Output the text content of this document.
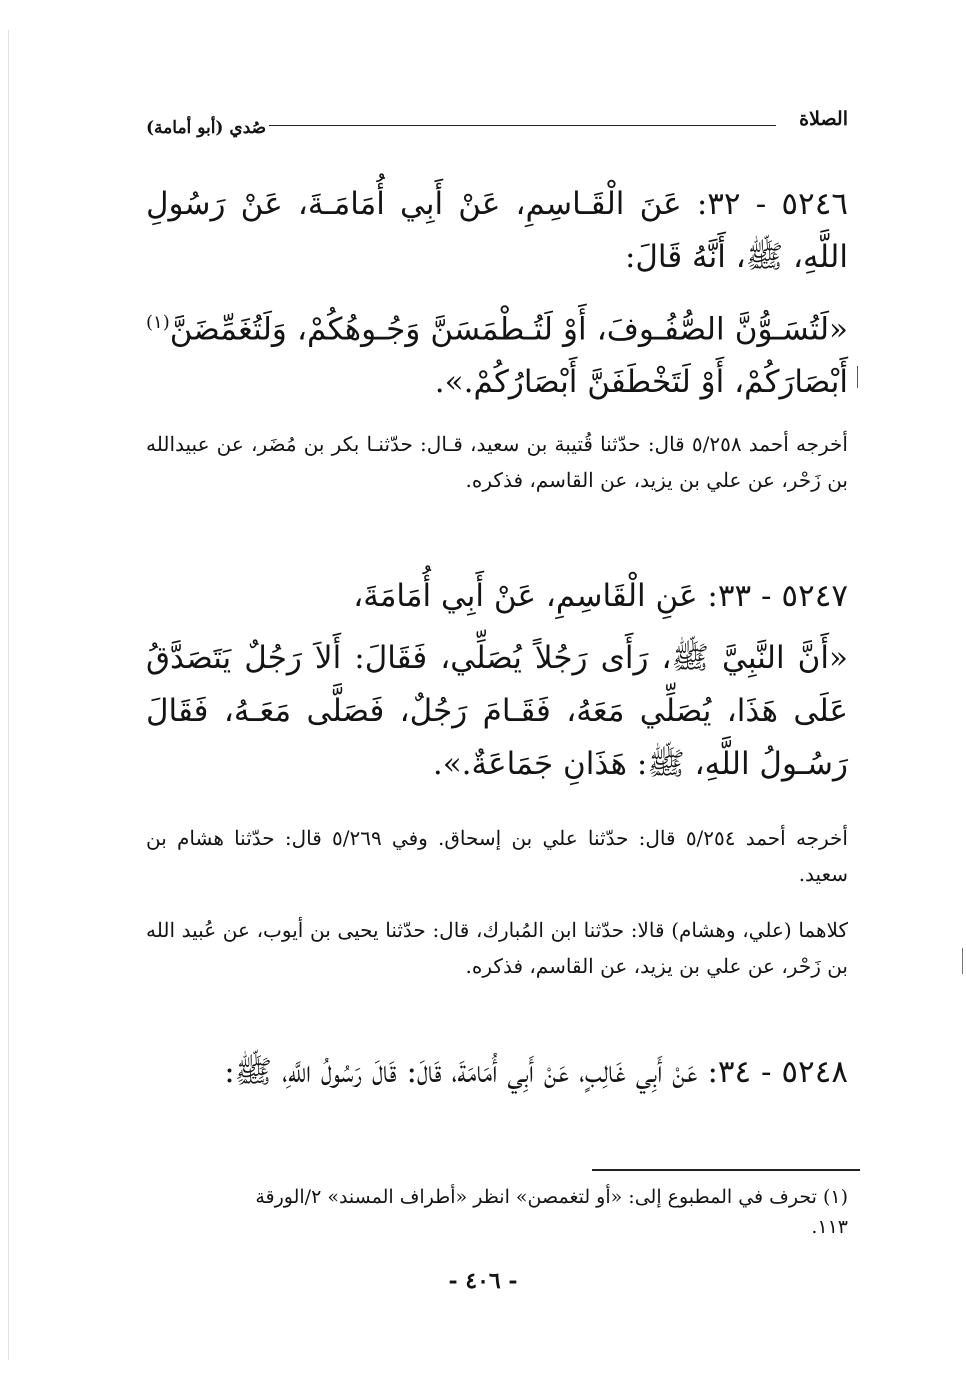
الصلاة
صُدي (أبو أمامة)
٥٢٤٦ - ٣٢: عَنَ الْقَـاسِمِ، عَنْ أَبِي أُمَامَـةَ، عَنْ رَسُولِ اللَّهِ، ﷺ، أَنَّهُ قَالَ:
«لَتُسَـوُّنَّ الصُّفُـوفَ، أَوْ لَتُـطْمَسَنَّ وَجُـوهُكُمْ، وَلَتُغَمِّضَنَّ$^{(١)}$ أَبْصَارَكُمْ، أَوْ لَتَخْطَفَنَّ أَبْصَارُكُمْ.».
أخرجه أحمد ٥/٢٥٨ قال: حدّثنا قُتيبة بن سعيد، قـال: حدّثنـا بكر بن مُضَر، عن عبيدالله بن زَحْر، عن علي بن يزيد، عن القاسم، فذكره.
٥٢٤٧ - ٣٣: عَنِ الْقَاسِمِ، عَنْ أَبِي أُمَامَةَ،
«أَنَّ النَّبِيَّ ﷺ، رَأَى رَجُلاً يُصَلِّي، فَقَالَ: أَلاَ رَجُلٌ يَتَصَدَّقُ عَلَى هَذَا، يُصَلِّي مَعَهُ، فَقَـامَ رَجُلٌ، فَصَلَّى مَعَـهُ، فَقَالَ رَسُـولُ اللَّهِ، ﷺ: هَذَانِ جَمَاعَةٌ.».
أخرجه أحمد ٥/٢٥٤ قال: حدّثنا علي بن إسحاق. وفي ٥/٢٦٩ قال: حدّثنا هشام بن سعيد.
كلاهما (علي، وهشام) قالا: حدّثنا ابن المُبارك، قال: حدّثنا يحيى بن أيوب، عن عُبيد الله بن زَحْر، عن علي بن يزيد، عن القاسم، فذكره.
٥٢٤٨ - ٣٤: عَنْ أَبِي غَالِبٍ، عَنْ أَبِي أُمَامَةَ، قَالَ: قَالَ رَسُولُ اللَّهِ، ﷺ:
(١) تحرف في المطبوع إلى: «أو لتغمصن» انظر «أطراف المسند» ٢/الورقة ١١٣.
- ٤٠٦ -
